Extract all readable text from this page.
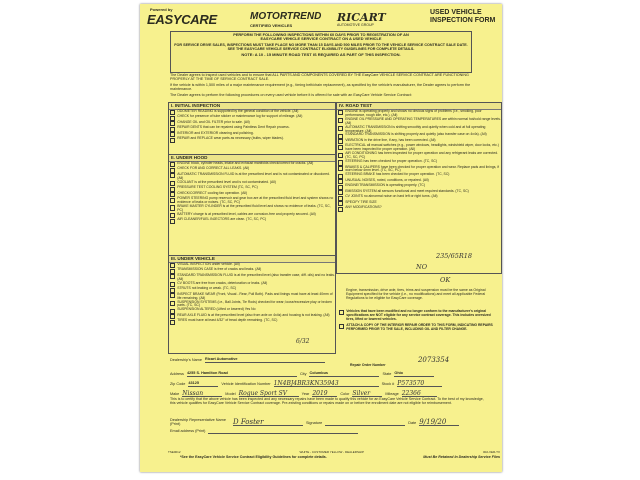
Powered by
EASYCARE	MOTORTREND
CERTIFIED VEHICLES
RICART
AUTOMOTIVE GROUP
USED VEHICLE INSPECTION FORM
PERFORM THE FOLLOWING INSPECTIONS WITHIN 60 DAYS PRIOR TO REGISTRATION OF AN
EASYCARE VEHICLE SERVICE CONTRACT ON A USED VEHICLE
FOR SERVICE DRIVE SALES, INSPECTIONS MUST TAKE PLACE NO MORE THAN 15 DAYS AND 500 MILES PRIOR TO THE VEHICLE SERVICE CONTRACT SALE DATE. SEE THE EASYCARE VEHICLE SERVICE CONTRACT ELIGIBILITY GUIDELINES FOR COMPLETE DETAILS.
NOTE: A 10 - 15 MINUTE ROAD TEST IS REQUIRED AS PART OF THIS INSPECTION.
The Dealer agrees to inspect used vehicles and to ensure that ALL PARTS AND COMPONENTS COVERED BY THE EasyCare VEHICLE SERVICE CONTRACT ARE FUNCTIONING PROPERLY AT THE TIME OF SERVICE CONTRACT SALE.
If the vehicle is within 1,500 miles of a major maintenance requirement (e.g., timing belt/chain replacement), as specified by the vehicle's manufacturer, the Dealer agrees to perform the maintenance.
The Dealer agrees to perform the following procedures on every used vehicle before it is offered for sale with an EasyCare Vehicle Service Contract:
I. INITIAL INSPECTION
ODOMETER READING is supported by the general condition of the vehicle. (All)
CHECK for presence of tube sticker or maintenance log for support of mileage. (All)
CHANGE OIL and OIL FILTER prior to sale. (All)
REPAIR DENTS that can be repaired using Paintless Dent Repair process.
INTERIOR and EXTERIOR cleaning and polishing.
REPAIR and REPLACE wear parts as necessary (bulbs, wiper blades).
II. UNDER HOOD
ENGINE block, cylinder heads, intake and exhaust manifolds check/correct for cracks. (All)
CHECK FOR AND CORRECT ALL LEAKS. (All)
AUTOMATIC TRANSMISSION FLUID is at the prescribed level and is not contaminated or discolored. (All)
COOLANT is at the prescribed level and is not contaminated. (All)
PRESSURE TEST COOLING SYSTEM (TC, SC, PC)
CHECK/CORRECT cooling fan operation. (All)
POWER STEERING pump reservoir and gear box are at the prescribed fluid level and system shows no evidence of leaks or noises. (TC, SC, PC)
BRAKE MASTER CYLINDER is at the prescribed fluid level and shows no evidence of leaks. (TC, SC, PC)
BATTERY charge is at prescribed level, cables are corrosion-free and properly secured. (All)
AIR CLEANER/FUEL INJECTORS are clean. (TC, SC, PC)
III. UNDER VEHICLE
VISUAL INSPECTION under vehicle. (All)
TRANSMISSION CASE is free of cracks and leaks. (All)
STANDARD TRANSMISSION FLUID is at the prescribed level (also transfer case, diff. oils) and no leaks. (All)
CV BOOTS are free from cracks, deterioration or leaks. (All)
STRUTS not leaking or weak. (TC, SC)
INSPECT BRAKE WEAR (Front, Visual - Rear, Pull Both). Pads and linings must have at least 40mm of life remaining. (All)
SUSPENSION SYSTEMS (i.e., Ball Joints, Tie Rods) checked for wear; loose/excessive play or broken parts. (TC, SC)
SUSPENSION ALTERED (Lifted or lowered) Yes No
REAR AXLE FLUID is at the prescribed level (also from axle on 4x4s) and housing is not leaking. (All)
TIRES must have at least 4/32" of tread depth remaining. (TC, SC)
6/32
IV. ROAD TEST
ENGINE is operating properly and shows no obvious signs of problems (i.e., smoking, poor performance, rough idle, etc.). (All)
ENGINE OIL PRESSURE AND OPERATING TEMPERATURES are within normal hot/cold range levels. (All)
AUTOMATIC TRANSMISSION is shifting smoothly and quietly when cold and at full operating temperature. (All)
STANDARD TRANSMISSION is shifting properly and quietly (also transfer case on 4x4s). (All)
VIBRATION in the drive line, if any, has been corrected. (All)
ELECTRICAL all manual switches (e.g., power windows, headlights, windshield wiper, door locks, etc.) have been inspected for proper operation. (All)
AIR CONDITIONING has been inspected for proper operation and any refrigerant leaks are corrected. (TC, SC, PC)
STEERING has been checked for proper operation. (TC, SC)
BRAKES & CALIPERS have been checked for proper operation and wear. Replace pads and linings, if worn below 4mm level. (TC, SC, PC)
STEERING BRAKE has been checked for proper operation. (TC, SC)
UNUSUAL NOISES, noted, conditions, or repaired. (All)
ENGINE/TRANSMISSION is operating properly. (TC)
EMISSION SYSTEM all sensors functional and meet required standards. (TC, SC)
CV JOINTS no abnormal noise on hard left or right turns. (All)
SPECIFY TIRE SIZE
ANY MODIFICATIONS?
235/65R18
NO
OK
Engine, transmission, drive axle, tires, trims and suspension must be the same as Original Equipment specified for the vehicle (i.e., no modifications) and meet all applicable Federal Regulations to be eligible for EasyCare coverage.
Vehicles that have been modified and no longer conform to the manufacturer's original specifications are NOT eligible for any service contract coverage. This includes oversized tires, lifted or lowered vehicles.
ATTACH A COPY OF THE INTERIOR REPAIR ORDER TO THIS FORM, INDICATING REPAIRS PERFORMED PRIOR TO THE SALE, INCLUDING OIL AND FILTER CHANGE.
Dealership's Name Ricart Automotive	2073354
Repair Order Number
Address 4255 S. Hamilton Road	City Columbus	State Ohio
Zip Code 43125	Vehicle Identification Number 1N4BJ4BR3KN35943	Stock # P573570
Make Nissan	Model Rogue Sport SV	Year 2019	Color Silver	Mileage 22366
This is to certify that the above vehicle has been inspected and any necessary repairs have been made to qualify this vehicle for an EasyCare Vehicle Service Contract. To the best of my knowledge, this vehicle qualifies for EasyCare Vehicle Service Contract coverage. Pre-existing conditions or repairs made on or before the enrollment date are not eligible for reimbursement.
Dealership Representative Name (Print)	D Foster	Signature	Date 9/19/20
Email address (Print)
TSE0012	WHITE - CUSTOMER YELLOW - DEALERSHIP	002-VER-TX
*See the EasyCare Vehicle Service Contract Eligibility Guidelines for complete details.	Must Be Retained In Dealership Service Files
